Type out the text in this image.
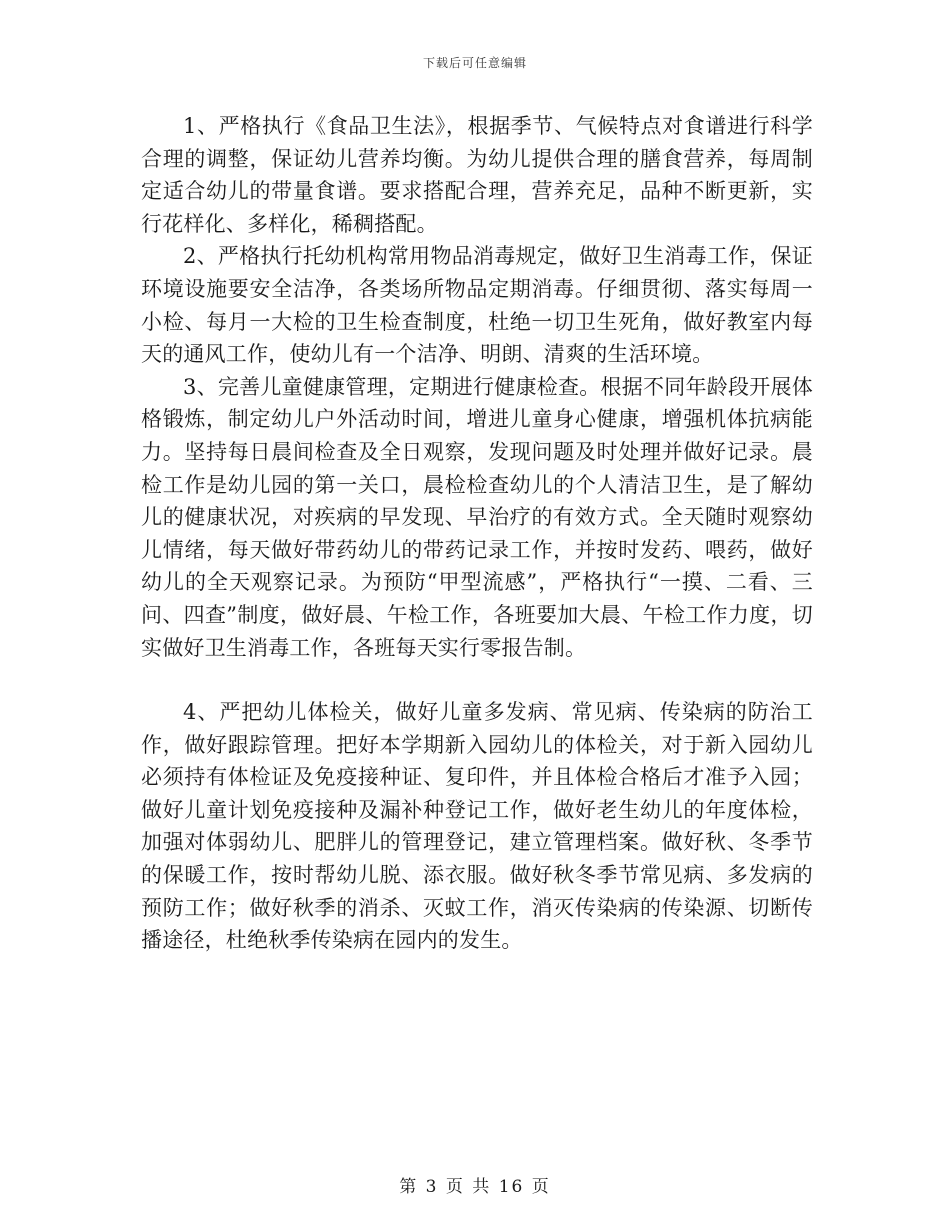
下载后可任意编辑

1、严格执行《食品卫生法》，根据季节、气候特点对食谱进行科学合理的调整，保证幼儿营养均衡。为幼儿提供合理的膳食营养，每周制定适合幼儿的带量食谱。要求搭配合理，营养充足，品种不断更新，实行花样化、多样化，稀稠搭配。

2、严格执行托幼机构常用物品消毒规定，做好卫生消毒工作，保证环境设施要安全洁净，各类场所物品定期消毒。仔细贯彻、落实每周一小检、每月一大检的卫生检查制度，杜绝一切卫生死角，做好教室内每天的通风工作，使幼儿有一个洁净、明朗、清爽的生活环境。

3、完善儿童健康管理，定期进行健康检查。根据不同年龄段开展体格锻炼，制定幼儿户外活动时间，增进儿童身心健康，增强机体抗病能力。坚持每日晨间检查及全日观察，发现问题及时处理并做好记录。晨检工作是幼儿园的第一关口，晨检检查幼儿的个人清洁卫生，是了解幼儿的健康状况，对疾病的早发现、早治疗的有效方式。全天随时观察幼儿情绪，每天做好带药幼儿的带药记录工作，并按时发药、喂药，做好幼儿的全天观察记录。为预防“甲型流感”，严格执行“一摸、二看、三问、四查”制度，做好晨、午检工作，各班要加大晨、午检工作力度，切实做好卫生消毒工作，各班每天实行零报告制。

4、严把幼儿体检关，做好儿童多发病、常见病、传染病的防治工作，做好跟踪管理。把好本学期新入园幼儿的体检关，对于新入园幼儿必须持有体检证及免疫接种证、复印件，并且体检合格后才准予入园；做好儿童计划免疫接种及漏补种登记工作，做好老生幼儿的年度体检，加强对体弱幼儿、肥胖儿的管理登记，建立管理档案。做好秋、冬季节的保暖工作，按时帮幼儿脱、添衣服。做好秋冬季节常见病、多发病的预防工作；做好秋季的消杀、灭蚊工作，消灭传染病的传染源、切断传播途径，杜绝秋季传染病在园内的发生。

第 3 页 共 16 页
